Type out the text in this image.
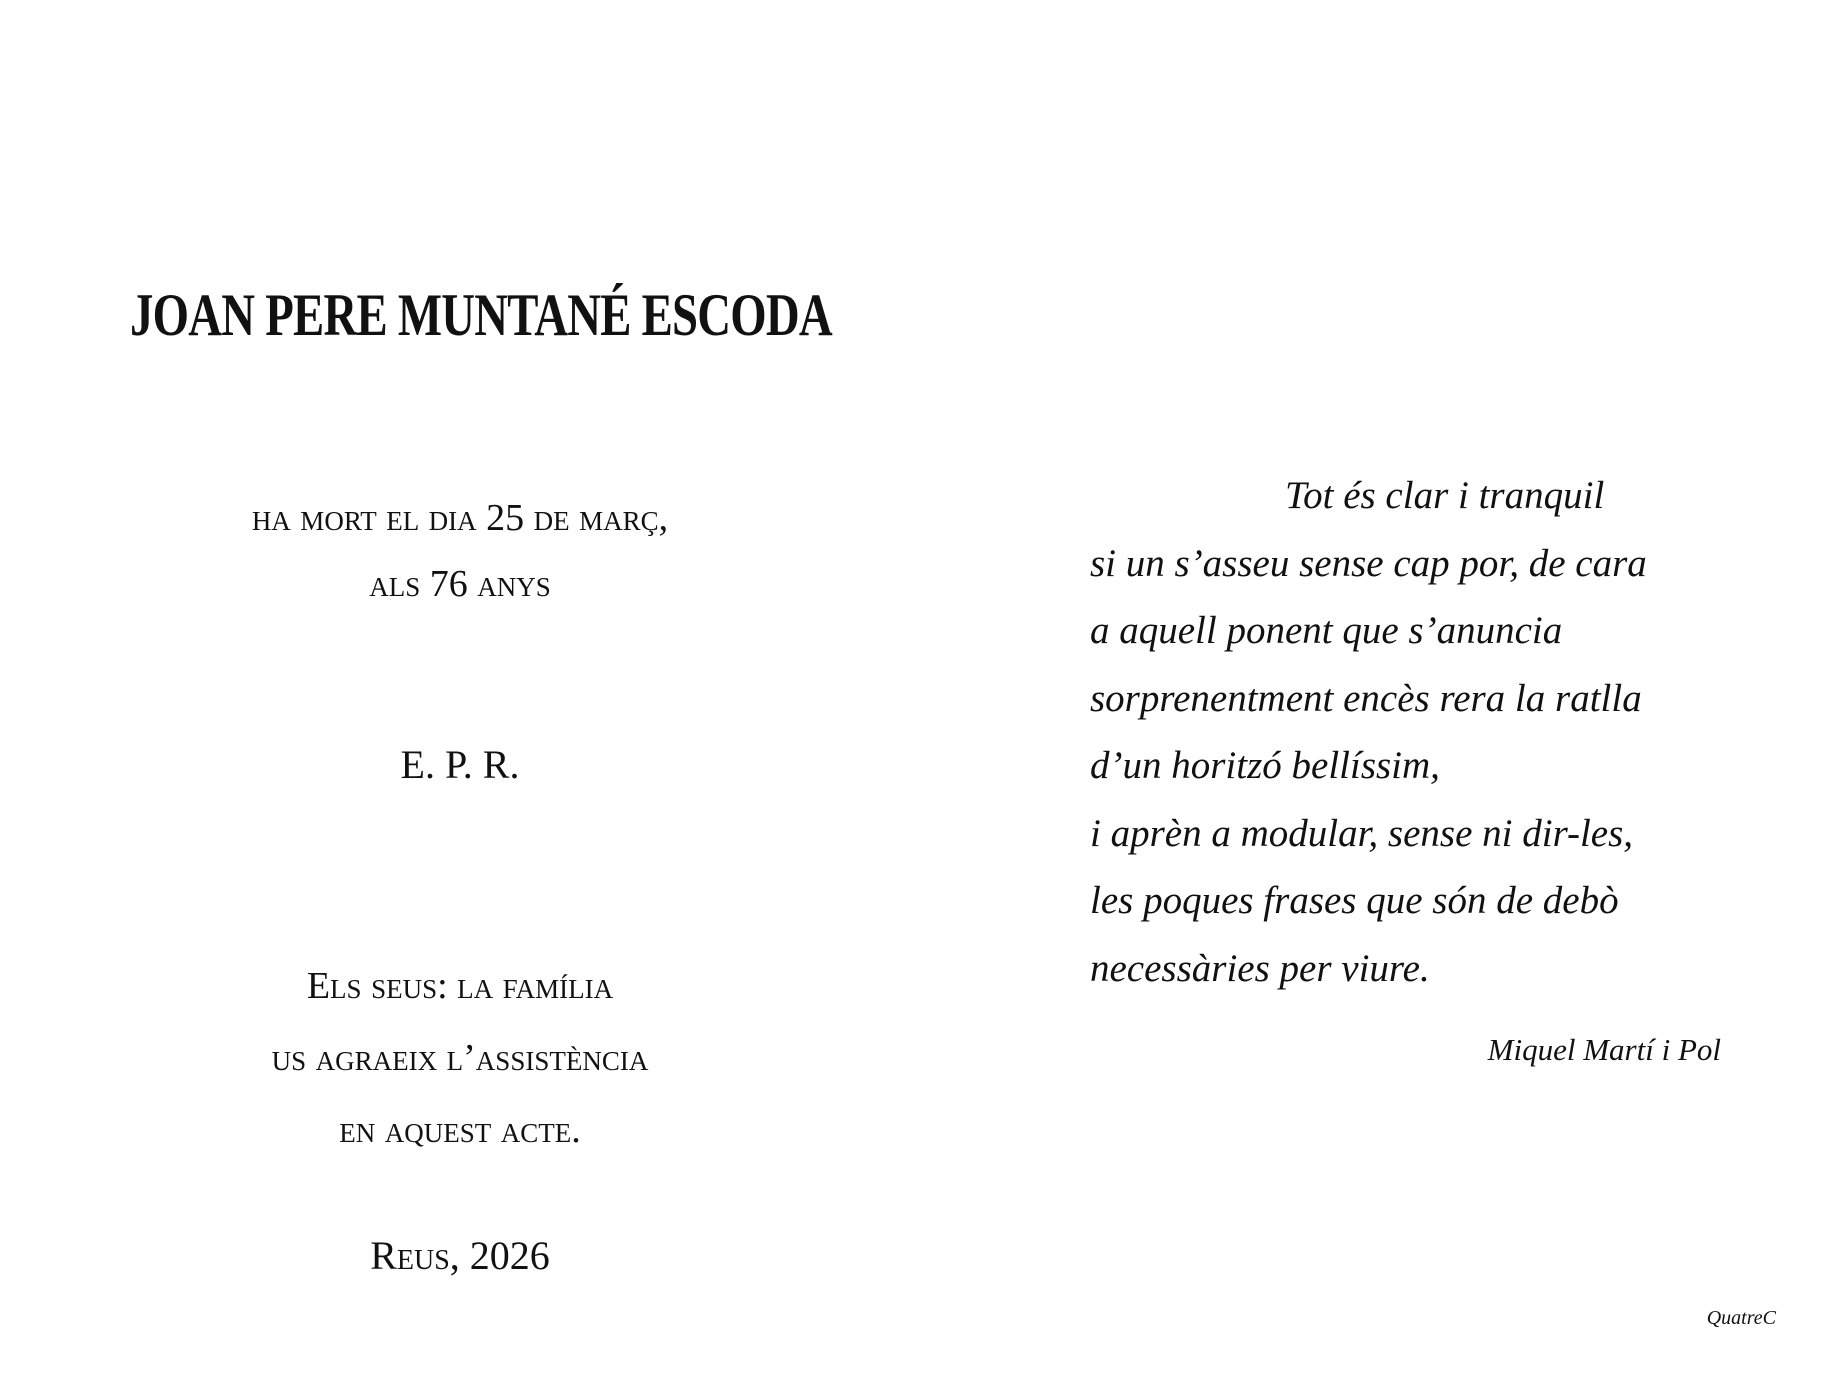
JOAN PERE MUNTANÉ ESCODA
ha mort el dia 25 de març,
als 76 anys
E. P. R.
Els seus: la família
us agraeix l’assistència
en aquest acte.
Reus, 2026
Tot és clar i tranquil
si un s’asseu sense cap por, de cara
a aquell ponent que s’anuncia
sorprenentment encès rera la ratlla
d’un horitzó bellíssim,
i aprèn a modular, sense ni dir-les,
les poques frases que són de debò
necessàries per viure.
Miquel Martí i Pol
QuatreC
